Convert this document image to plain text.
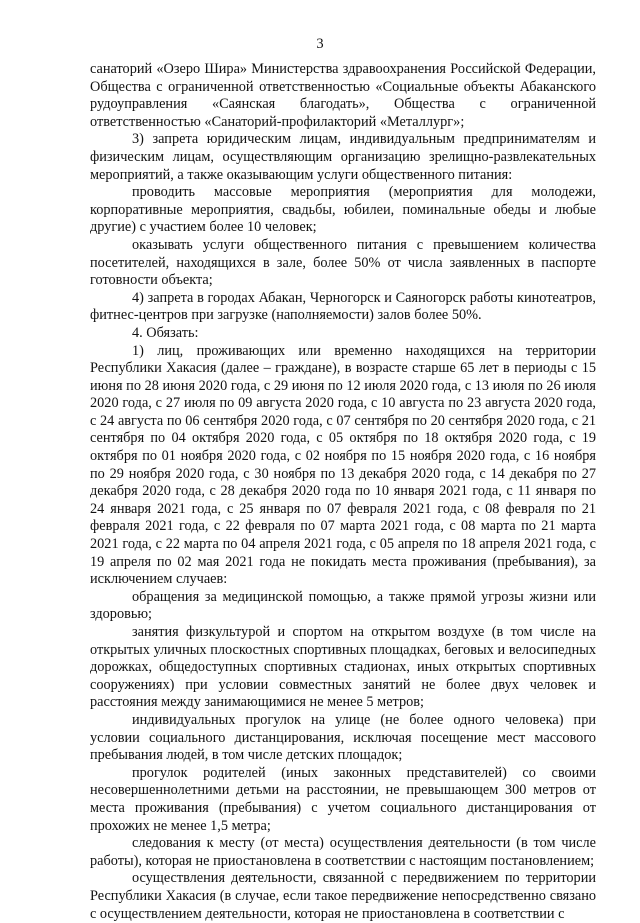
3

санаторий «Озеро Шира» Министерства здравоохранения Российской Федерации, Общества с ограниченной ответственностью «Социальные объекты Абаканского рудоуправления «Саянская благодать», Общества с ограниченной ответственностью «Санаторий-профилакторий «Металлург»;

3) запрета юридическим лицам, индивидуальным предпринимателям и физическим лицам, осуществляющим организацию зрелищно-развлекательных мероприятий, а также оказывающим услуги общественного питания:

проводить массовые мероприятия (мероприятия для молодежи, корпоративные мероприятия, свадьбы, юбилеи, поминальные обеды и любые другие) с участием более 10 человек;

оказывать услуги общественного питания с превышением количества посетителей, находящихся в зале, более 50% от числа заявленных в паспорте готовности объекта;

4) запрета в городах Абакан, Черногорск и Саяногорск работы кинотеатров, фитнес-центров при загрузке (наполняемости) залов более 50%.

4. Обязать:

1) лиц, проживающих или временно находящихся на территории Республики Хакасия (далее – граждане), в возрасте старше 65 лет в периоды с 15 июня по 28 июня 2020 года, с 29 июня по 12 июля 2020 года, с 13 июля по 26 июля 2020 года, с 27 июля по 09 августа 2020 года, с 10 августа по 23 августа 2020 года, с 24 августа по 06 сентября 2020 года, с 07 сентября по 20 сентября 2020 года, с 21 сентября по 04 октября 2020 года, с 05 октября по 18 октября 2020 года, с 19 октября по 01 ноября 2020 года, с 02 ноября по 15 ноября 2020 года, с 16 ноября по 29 ноября 2020 года, с 30 ноября по 13 декабря 2020 года, с 14 декабря по 27 декабря 2020 года, с 28 декабря 2020 года по 10 января 2021 года, с 11 января по 24 января 2021 года, с 25 января по 07 февраля 2021 года, с 08 февраля по 21 февраля 2021 года, с 22 февраля по 07 марта 2021 года, с 08 марта по 21 марта 2021 года, с 22 марта по 04 апреля 2021 года, с 05 апреля по 18 апреля 2021 года, с 19 апреля по 02 мая 2021 года не покидать места проживания (пребывания), за исключением случаев:

обращения за медицинской помощью, а также прямой угрозы жизни или здоровью;

занятия физкультурой и спортом на открытом воздухе (в том числе на открытых уличных плоскостных спортивных площадках, беговых и велосипедных дорожках, общедоступных спортивных стадионах, иных открытых спортивных сооружениях) при условии совместных занятий не более двух человек и расстояния между занимающимися не менее 5 метров;

индивидуальных прогулок на улице (не более одного человека) при условии социального дистанцирования, исключая посещение мест массового пребывания людей, в том числе детских площадок;

прогулок родителей (иных законных представителей) со своими несовершеннолетними детьми на расстоянии, не превышающем 300 метров от места проживания (пребывания) с учетом социального дистанцирования от прохожих не менее 1,5 метра;

следования к месту (от места) осуществления деятельности (в том числе работы), которая не приостановлена в соответствии с настоящим постановлением;

осуществления деятельности, связанной с передвижением по территории Республики Хакасия (в случае, если такое передвижение непосредственно связано с осуществлением деятельности, которая не приостановлена в соответствии с
